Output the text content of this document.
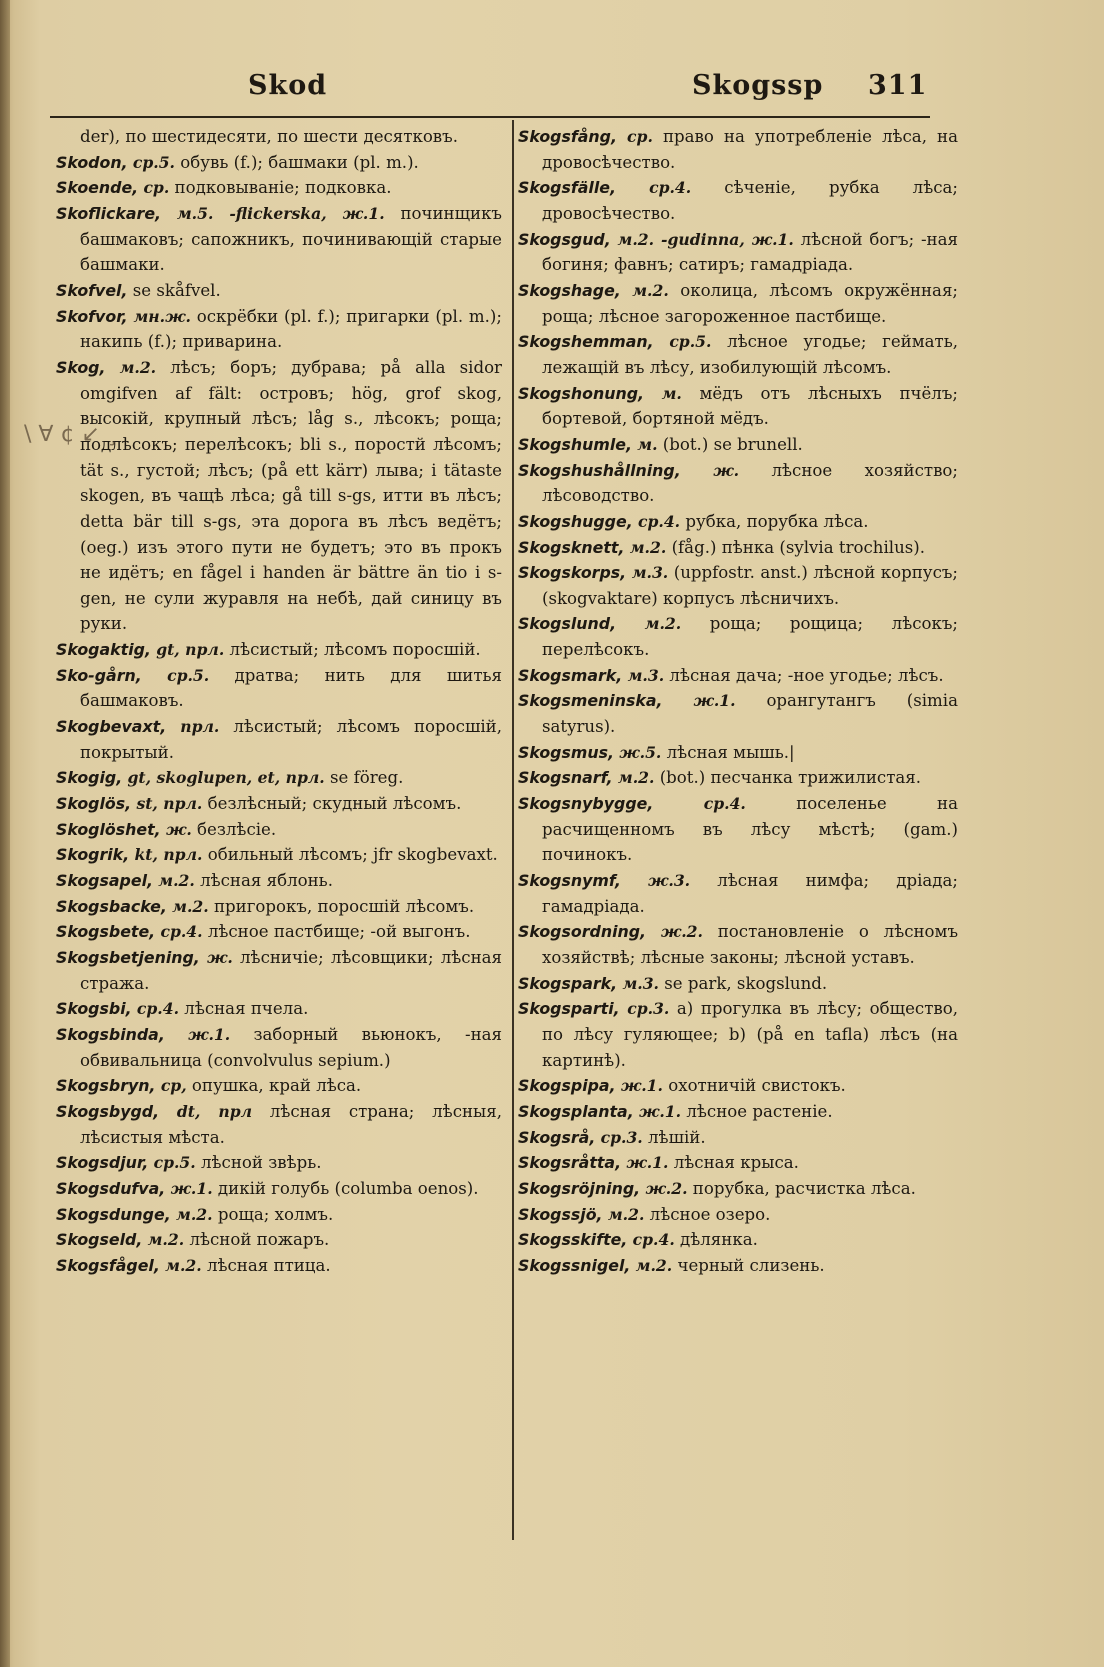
Skod	Skogssp 311
\ ∀ ¢ ↙ ¸
der), по шестидесяти, по шести десятковъ.
Skodon, ср.5. обувь (f.); башмаки (pl. m.).
Skoende, ср. подковываніе; подковка.
Skoflickare, м.5. -flickerska, ж.1. починщикъ башмаковъ; сапожникъ, починивающій старые башмаки.
Skofvel, se skåfvel.
Skofvor, мн.ж. оскрёбки (pl. f.); пригарки (pl. m.); накипь (f.); приварина.
Skog, м.2. лѣсъ; боръ; дубрава; på alla sidor omgifven af fält: островъ; hög, grof skog, высокій, крупный лѣсъ; låg s., лѣсокъ; роща; подлѣсокъ; перелѣсокъ; bli s., поростй лѣсомъ; tät s., густой; лѣсъ; (på ett kärr) лыва; i tätaste skogen, въ чащѣ лѣса; gå till s-gs, итти въ лѣсъ; detta bär till s-gs, эта дорога въ лѣсъ ведётъ; (oeg.) изъ этого пути не будетъ; это въ прокъ не идётъ; en fågel i handen är bättre än tio i s-gen, не сули журавля на небѣ, дай синицу въ руки.
Skogaktig, gt, прл. лѣсистый; лѣсомъ поросшій.
Sko-gårn, ср.5. дратва; нить для шитья башмаковъ.
Skogbevaxt, прл. лѣсистый; лѣсомъ поросшій, покрытый.
Skogig, gt, skoglupen, et, прл. se föreg.
Skoglös, st, прл. безлѣсный; скудный лѣсомъ.
Skoglöshet, ж. безлѣсіе.
Skogrik, kt, прл. обильный лѣсомъ; jfr skogbevaxt.
Skogsapel, м.2. лѣсная яблонь.
Skogsbacke, м.2. пригорокъ, поросшій лѣсомъ.
Skogsbete, ср.4. лѣсное пастбище; -ой выгонъ.
Skogsbetjening, ж. лѣсничіе; лѣсовщики; лѣсная стража.
Skogsbi, ср.4. лѣсная пчела.
Skogsbinda, ж.1. заборный вьюнокъ, -ная обвивальница (convolvulus sepium.)
Skogsbryn, ср, опушка, край лѣса.
Skogsbygd, dt, прл лѣсная страна; лѣсныя, лѣсистыя мѣста.
Skogsdjur, ср.5. лѣсной звѣрь.
Skogsdufva, ж.1. дикій голубь (columba oenos).
Skogsdunge, м.2. роща; холмъ.
Skogseld, м.2. лѣсной пожаръ.
Skogsfågel, м.2. лѣсная птица.
Skogsfång, ср. право на употребленіе лѣса, на дровосѣчество.
Skogsfälle, ср.4. сѣченіе, рубка лѣса; дровосѣчество.
Skogsgud, м.2. -gudinna, ж.1. лѣсной богъ; -ная богиня; фавнъ; сатиръ; гамадріада.
Skogshage, м.2. околица, лѣсомъ окружённая; роща; лѣсное загороженное пастбище.
Skogshemman, ср.5. лѣсное угодье; геймать, лежащій въ лѣсу, изобилующій лѣсомъ.
Skogshonung, м. мёдъ отъ лѣсныхъ пчёлъ; бортевой, бортяной мёдъ.
Skogshumle, м. (bot.) se brunell.
Skogshushållning, ж. лѣсное хозяйство; лѣсоводство.
Skogshugge, ср.4. рубка, порубка лѣса.
Skogsknett, м.2. (fåg.) пѣнка (sylvia trochilus).
Skogskorps, м.3. (uppfostr. anst.) лѣсной корпусъ; (skogvaktare) корпусъ лѣсничихъ.
Skogslund, м.2. роща; рощица; лѣсокъ; перелѣсокъ.
Skogsmark, м.3. лѣсная дача; -ное угодье; лѣсъ.
Skogsmeninska, ж.1. орангутангъ (simia satyrus).
Skogsmus, ж.5. лѣсная мышь.|
Skogsnarf, м.2. (bot.) песчанка трижилистая.
Skogsnybygge,	ср.4.	поселенье на расчищенномъ въ лѣсу мѣстѣ; (gam.) починокъ.
Skogsnymf, ж.3. лѣсная нимфа; дріада; гамадріада.
Skogsordning, ж.2. постановленіе о лѣсномъ хозяйствѣ; лѣсные законы; лѣсной уставъ.
Skogspark, м.3. se park, skogslund.
Skogsparti, ср.3. a) прогулка въ лѣсу; общество, по лѣсу гуляющее; b) (på en tafla) лѣсъ (на картинѣ).
Skogspipa, ж.1. охотничій свистокъ.
Skogsplanta, ж.1. лѣсное растеніе.
Skogsrå, ср.3. лѣшій.
Skogsråtta, ж.1. лѣсная крыса.
Skogsröjning, ж.2. порубка, расчистка лѣса.
Skogssjö, м.2. лѣсное озеро.
Skogsskifte, ср.4. дѣлянка.
Skogssnigel, м.2. черный слизень.
